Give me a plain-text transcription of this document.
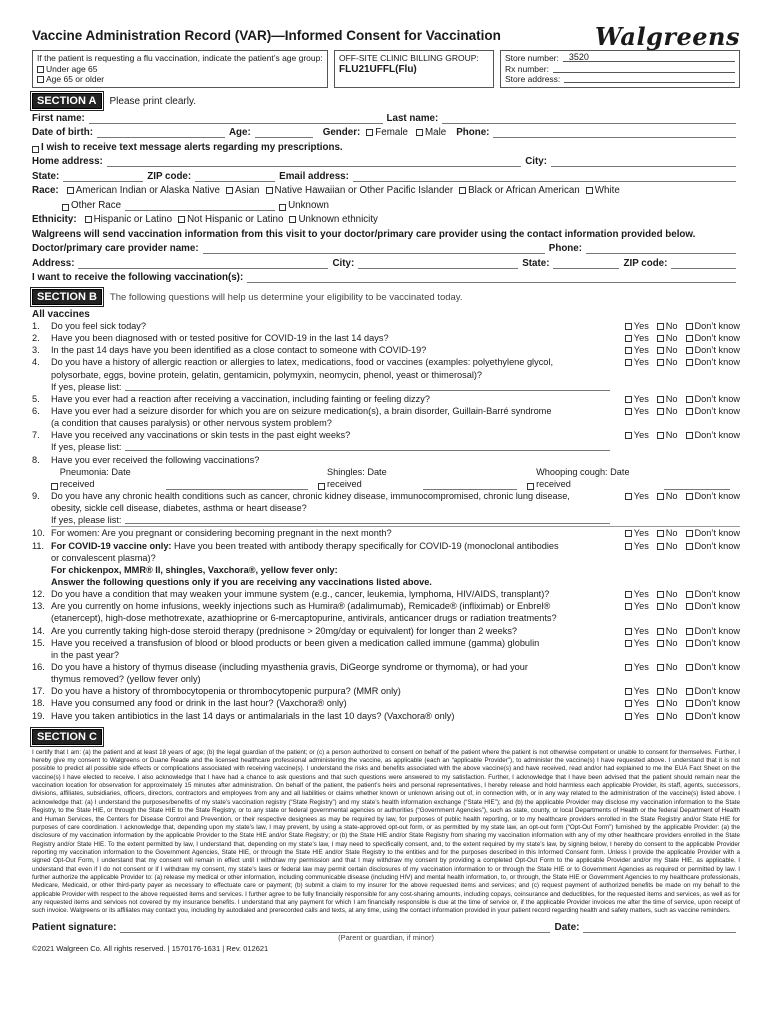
Vaccine Administration Record (VAR)—Informed Consent for Vaccination	Walgreens
If the patient is requesting a flu vaccination, indicate the patient’s age group:
Under age 65
Age 65 or older
OFF-SITE CLINIC BILLING GROUP:
FLU21UFFL(Flu)
Store number:	3520
Rx number:
Store address:
SECTION A	Please print clearly.
First name:	Last name:
Date of birth:	Age:	Gender:	Female	Male Phone:
I wish to receive text message alerts regarding my prescriptions.
Home address:	City:
State:	ZIP code:	Email address:
Race:	American Indian or Alaska Native	Asian	Native Hawaiian or Other Pacific Islander	Black or African American	White
Other Race	Unknown
Ethnicity:	Hispanic or Latino	Not Hispanic or Latino	Unknown ethnicity
Walgreens will send vaccination information from this visit to your doctor/primary care provider using the contact information provided below.
Doctor/primary care provider name:	Phone:
Address:	City:	State:	ZIP code:
I want to receive the following vaccination(s):
SECTION B	The following questions will help us determine your eligibility to be vaccinated today.
All vaccines
1.	Do you feel sick today?	Yes	No	Don’t know
2.	Have you been diagnosed with or tested positive for COVID-19 in the last 14 days?	Yes	No	Don’t know
3.	In the past 14 days have you been identified as a close contact to someone with COVID-19?	Yes	No	Don’t know
4.	Do you have a history of allergic reaction or allergies to latex, medications, food or vaccines (examples: polyethylene glycol,
polysorbate, eggs, bovine protein, gelatin, gentamicin, polymyxin, neomycin, phenol, yeast or thimerosal)?
Yes	No	Don’t know
If yes, please list:
5.	Have you ever had a reaction after receiving a vaccination, including fainting or feeling dizzy?	Yes	No	Don’t know
6.	Have you ever had a seizure disorder for which you are on seizure medication(s), a brain disorder, Guillain-Barré syndrome
(a condition that causes paralysis) or other nervous system problem?
Yes	No	Don’t know
7.	Have you received any vaccinations or skin tests in the past eight weeks?	Yes	No	Don’t know
If yes, please list:
8.	Have you ever received the following vaccinations?
Pneumonia: Date received
Shingles: Date received
Whooping cough: Date received
9.	Do you have any chronic health conditions such as cancer, chronic kidney disease, immunocompromised, chronic lung disease,
obesity, sickle cell disease, diabetes, asthma or heart disease?
Yes	No	Don’t know
If yes, please list:
10. For women: Are you pregnant or considering becoming pregnant in the next month?	Yes	No	Don’t know
11. For COVID-19 vaccine only: Have you been treated with antibody therapy specifically for COVID-19 (monoclonal antibodies
or convalescent plasma)?
Yes	No	Don’t know
For chickenpox, MMR® II, shingles, Vaxchora®, yellow fever only:
Answer the following questions only if you are receiving any vaccinations listed above.
12. Do you have a condition that may weaken your immune system (e.g., cancer, leukemia, lymphoma, HIV/AIDS, transplant)?	Yes	No	Don’t know
13. Are you currently on home infusions, weekly injections such as Humira® (adalimumab), Remicade® (infliximab) or Enbrel®
(etanercept), high-dose methotrexate, azathioprine or 6-mercaptopurine, antivirals, anticancer drugs or radiation treatments?
Yes	No	Don’t know
14. Are you currently taking high-dose steroid therapy (prednisone > 20mg/day or equivalent) for longer than 2 weeks?	Yes	No	Don’t know
15. Have you received a transfusion of blood or blood products or been given a medication called immune (gamma) globulin
in the past year?
Yes	No	Don’t know
16. Do you have a history of thymus disease (including myasthenia gravis, DiGeorge syndrome or thymoma), or had your
thymus removed? (yellow fever only)
Yes	No	Don’t know
17. Do you have a history of thrombocytopenia or thrombocytopenic purpura? (MMR only)	Yes	No	Don’t know
18. Have you consumed any food or drink in the last hour? (Vaxchora® only)	Yes	No	Don’t know
19. Have you taken antibiotics in the last 14 days or antimalarials in the last 10 days? (Vaxchora® only)	Yes	No	Don’t know
SECTION C
I certify that I am: (a) the patient and at least 18 years of age; (b) the legal guardian of the patient; or (c) a person authorized to consent on behalf of the patient where the patient is not otherwise competent or unable to consent for themselves. Further, I hereby give my consent to Walgreens or Duane Reade and the licensed healthcare professional administering the vaccine, as applicable (each an “applicable Provider”), to administer the vaccine(s) I have requested above. I understand that it is not possible to predict all possible side effects or complications associated with receiving vaccine(s). I understand the risks and benefits associated with the above vaccine(s) and have received, read and/or had explained to me the EUA Fact Sheet on the vaccine(s) I have elected to receive. I also acknowledge that I have had a chance to ask questions and that such questions were answered to my satisfaction. Further, I acknowledge that I have been advised that the patient should remain near the vaccination location for observation for approximately 15 minutes after administration. On behalf of the patient, the patient’s heirs and personal representatives, I hereby release and hold harmless each applicable Provider, its staff, agents, successors, divisions, affiliates, subsidiaries, officers, directors, contractors and employees from any and all liabilities or claims whether known or unknown arising out of, in connection with, or in any way related to the administration of the vaccine(s) listed above. I acknowledge that: (a) I understand the purposes/benefits of my state’s vaccination registry (“State Registry”) and my state’s health information exchange (“State HIE”); and (b) the applicable Provider may disclose my vaccination information to the State Registry, to the State HIE, or through the State HIE to the State Registry, or to any state or federal governmental agencies or authorities (“Government Agencies”), such as state, county, or local Departments of Health or the federal Department of Health and Human Services, the Centers for Disease Control and Prevention, or their respective designees as may be required by law, for purposes of public health reporting, or to my healthcare providers enrolled in the State Registry and/or State HIE for purposes of care coordination. I acknowledge that, depending upon my state’s law, I may prevent, by using a state-approved opt-out form, or as permitted by my state law, an opt-out form (“Opt-Out Form”) furnished by the applicable Provider: (a) the disclosure of my vaccination information by the applicable Provider to the State HIE and/or State Registry; or (b) the State HIE and/or State Registry from sharing my vaccination information with any of my other healthcare providers enrolled in the State Registry and/or State HIE. To the extent permitted by law, I understand that, depending on my state’s law, I may need to specifically consent, and, to the extent required by my state’s law, by signing below, I hereby do consent to the applicable Provider reporting my vaccination information to the Government Agencies, State HIE, or through the State HIE and/or State Registry to the entities and for the purposes described in this Informed Consent form. Unless I provide the applicable Provider with a signed Opt-Out Form, I understand that my consent will remain in effect until I withdraw my permission and that I may withdraw my consent by providing a completed Opt-Out Form to the applicable Provider and/or my State HIE, as applicable. I understand that even if I do not consent or if I withdraw my consent, my state’s laws or federal law may permit certain disclosures of my vaccination information to or through the State HIE or to Government Agencies as required or permitted by law. I further authorize the applicable Provider to: (a) release my medical or other information, including communicable disease (including HIV) and mental health information, to, or through, the State HIE or Government Agencies to my healthcare professionals, Medicare, Medicaid, or other third-party payer as necessary to effectuate care or payment; (b) submit a claim to my insurer for the above requested items and services; and (c) request payment of authorized benefits be made on my behalf to the applicable Provider with respect to the above requested items and services. I further agree to be fully financially responsible for any cost-sharing amounts, including copays, coinsurance and deductibles, for the requested items and services, as well as for any requested items and services not covered by my insurance benefits. I understand that any payment for which I am financially responsible is due at the time of service or, if the applicable Provider invoices me after the time of service, upon receipt of such invoice. Walgreens or its affiliates may contact you, including by autodialed and prerecorded calls and texts, at any time, using the contact information provided in your patient record regarding health and safety matters, such as vaccine reminders.
Patient signature:	Date:
(Parent or guardian, if minor)
©2021 Walgreen Co. All rights reserved. | 1570176-1631 | Rev. 012621
